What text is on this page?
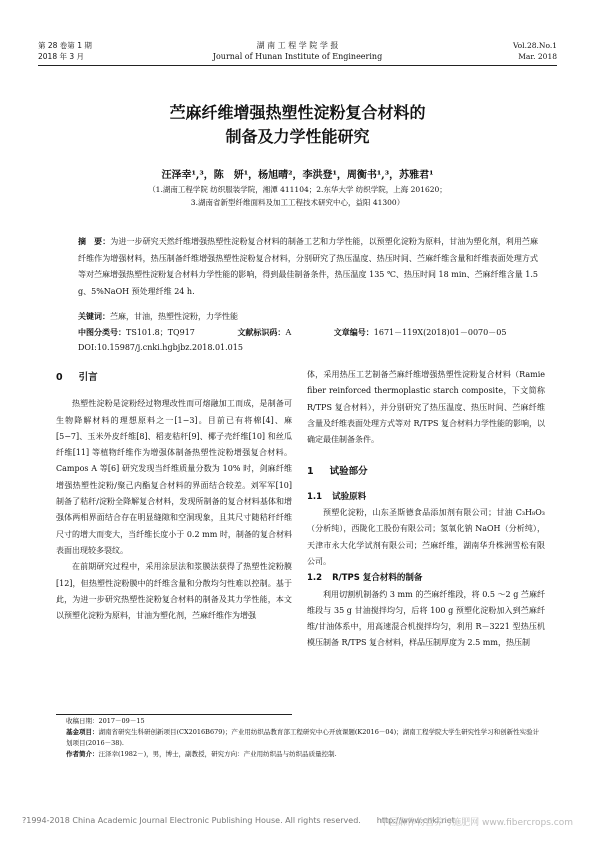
第 28 卷第 1 期
2018 年 3 月
湖 南 工 程 学 院 学 报
Journal of Hunan Institute of Engineering
Vol.28.No.1
Mar. 2018
苎麻纤维增强热塑性淀粉复合材料的
制备及力学性能研究
汪泽幸¹,³，陈　妍¹，杨旭晴²，李洪登¹，周衡书¹,³，苏雅君¹
（1.湖南工程学院 纺织服装学院，湘潭 411104；2.东华大学 纺织学院，上海 201620；
3.湖南省新型纤维面料及加工工程技术研究中心，益阳 41300）
摘　要：为进一步研究天然纤维增强热塑性淀粉复合材料的制备工艺和力学性能，以预塑化淀粉为原料，甘油为塑化剂，利用苎麻纤维作为增强材料，热压制备纤维增强热塑性淀粉复合材料，分别研究了热压温度、热压时间、苎麻纤维含量和纤维表面处理方式等对苎麻增强热塑性淀粉复合材料力学性能的影响，得到最佳制备条件，热压温度 135 ℃、热压时间 18 min、苎麻纤维含量 1.5 g、5%NaOH 预处理纤维 24 h.
关键词：苎麻，甘油，热塑性淀粉，力学性能
中图分类号：TS101.8；TQ917	文献标识码：A	文章编号：1671－119X(2018)01－0070－05
DOI:10.15987/j.cnki.hgbjbz.2018.01.015
0 引言

热塑性淀粉是淀粉经过物理改性而可熔融加工而成，是制备可生物降解材料的理想原料之一[1−3]。目前已有将棉[4]、麻[5−7]、玉米外皮纤维[8]、稻麦秸秆[9]、椰子壳纤维[10] 和丝瓜纤维[11] 等植物纤维作为增强体制备热塑性淀粉增强复合材料。Campos A 等[6] 研究发现当纤维质量分数为 10% 时，剑麻纤维增强热塑性淀粉/聚己内酯复合材料的界面结合较差。刘军军[10] 制备了秸秆/淀粉全降解复合材料，发现所制备的复合材料基体和增强体两相界面结合存在明显缝隙和空洞现象，且其尺寸随秸秆纤维尺寸的增大而变大，当纤维长度小于 0.2 mm 时，制备的复合材料表面出现较多裂纹。

在前期研究过程中，采用涂层法和浆膜法获得了热塑性淀粉膜[12]，但热塑性淀粉膜中的纤维含量和分散均匀性难以控制。基于此，为进一步研究热塑性淀粉复合材料的制备及其力学性能，本文以预塑化淀粉为原料，甘油为塑化剂，苎麻纤维作为增强

体，采用热压工艺制备苎麻纤维增强热塑性淀粉复合材料（Ramie fiber reinforced thermoplastic starch composite，下文简称 R/TPS 复合材料），并分别研究了热压温度、热压时间、苎麻纤维含量及纤维表面处理方式等对 R/TPS 复合材料力学性能的影响，以确定最佳制备条件。

1 试验部分
1.1 试验原料

预塑化淀粉，山东圣斯德食品添加剂有限公司；甘油 C₃H₈O₃（分析纯），西陇化工股份有限公司；氢氧化钠 NaOH（分析纯），天津市永大化学试剂有限公司；苎麻纤维，湖南华升株洲雪松有限公司。

1.2 R/TPS 复合材料的制备

利用切割机制备约 3 mm 的苎麻纤维段，将 0.5 ～2 g 苎麻纤维段与 35 g 甘油搅拌均匀，后将 100 g 预塑化淀粉加入到苎麻纤维/甘油体系中，用高速混合机搅拌均匀，利用 R－3221 型热压机模压制备 R/TPS 复合材料，样品压制厚度为 2.5 mm，热压制

收稿日期：2017－09－15
基金项目：湖南省研究生科研创新项目(CX2016B679)；产业用纺织品教育部工程研究中心开放课题(K2016－04)；湖南工程学院大学生研究性学习和创新性实验计划项目(2016－38).
作者简介：汪泽幸(1982－)，男，博士，副教授，研究方向：产业用纺织品与纺织品质量控制.
?1994-2018 China Academic Journal Electronic Publishing House. All rights reserved.　　http://www.cnki.net
中国麻作物营养与施肥网 www.fibercrops.com
